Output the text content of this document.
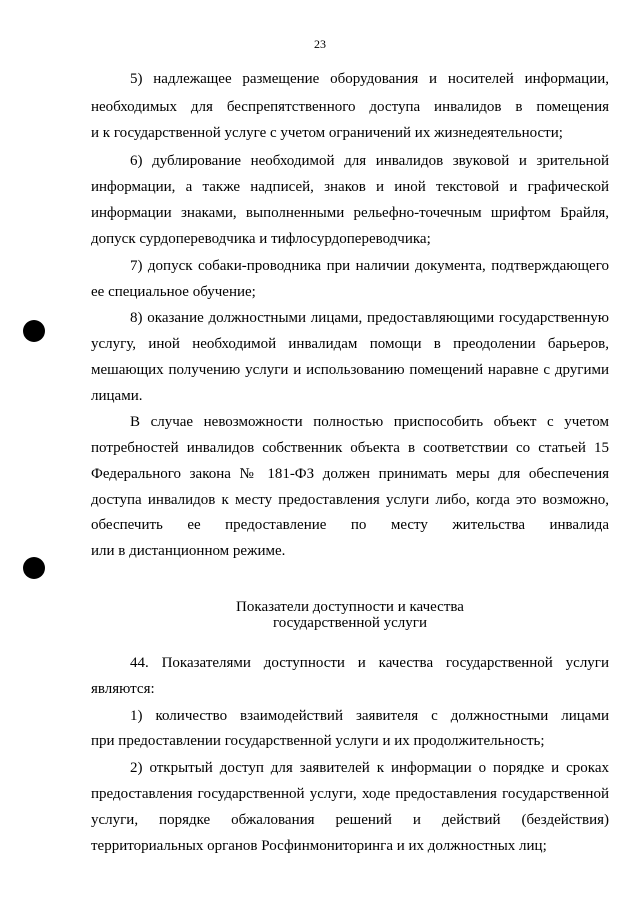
23
5) надлежащее размещение оборудования и носителей информации,
необходимых для беспрепятственного доступа инвалидов в помещения
и к государственной услуге с учетом ограничений их жизнедеятельности;
6) дублирование необходимой для инвалидов звуковой и зрительной
информации, а также надписей, знаков и иной текстовой и графической
информации знаками, выполненными рельефно-точечным шрифтом Брайля,
допуск сурдопереводчика и тифлосурдопереводчика;
7) допуск собаки-проводника при наличии документа, подтверждающего
ее специальное обучение;
8) оказание должностными лицами, предоставляющими государственную
услугу, иной необходимой инвалидам помощи в преодолении барьеров,
мешающих получению услуги и использованию помещений наравне с другими
лицами.
В случае невозможности полностью приспособить объект с учетом
потребностей инвалидов собственник объекта в соответствии со статьей 15
Федерального закона № 181-ФЗ должен принимать меры для обеспечения
доступа инвалидов к месту предоставления услуги либо, когда это возможно,
обеспечить ее предоставление по месту жительства инвалида
или в дистанционном режиме.
Показатели доступности и качества
государственной услуги
44. Показателями доступности и качества государственной услуги
являются:
1) количество взаимодействий заявителя с должностными лицами
при предоставлении государственной услуги и их продолжительность;
2) открытый доступ для заявителей к информации о порядке и сроках
предоставления государственной услуги, ходе предоставления государственной
услуги, порядке обжалования решений и действий (бездействия)
территориальных органов Росфинмониторинга и их должностных лиц;
